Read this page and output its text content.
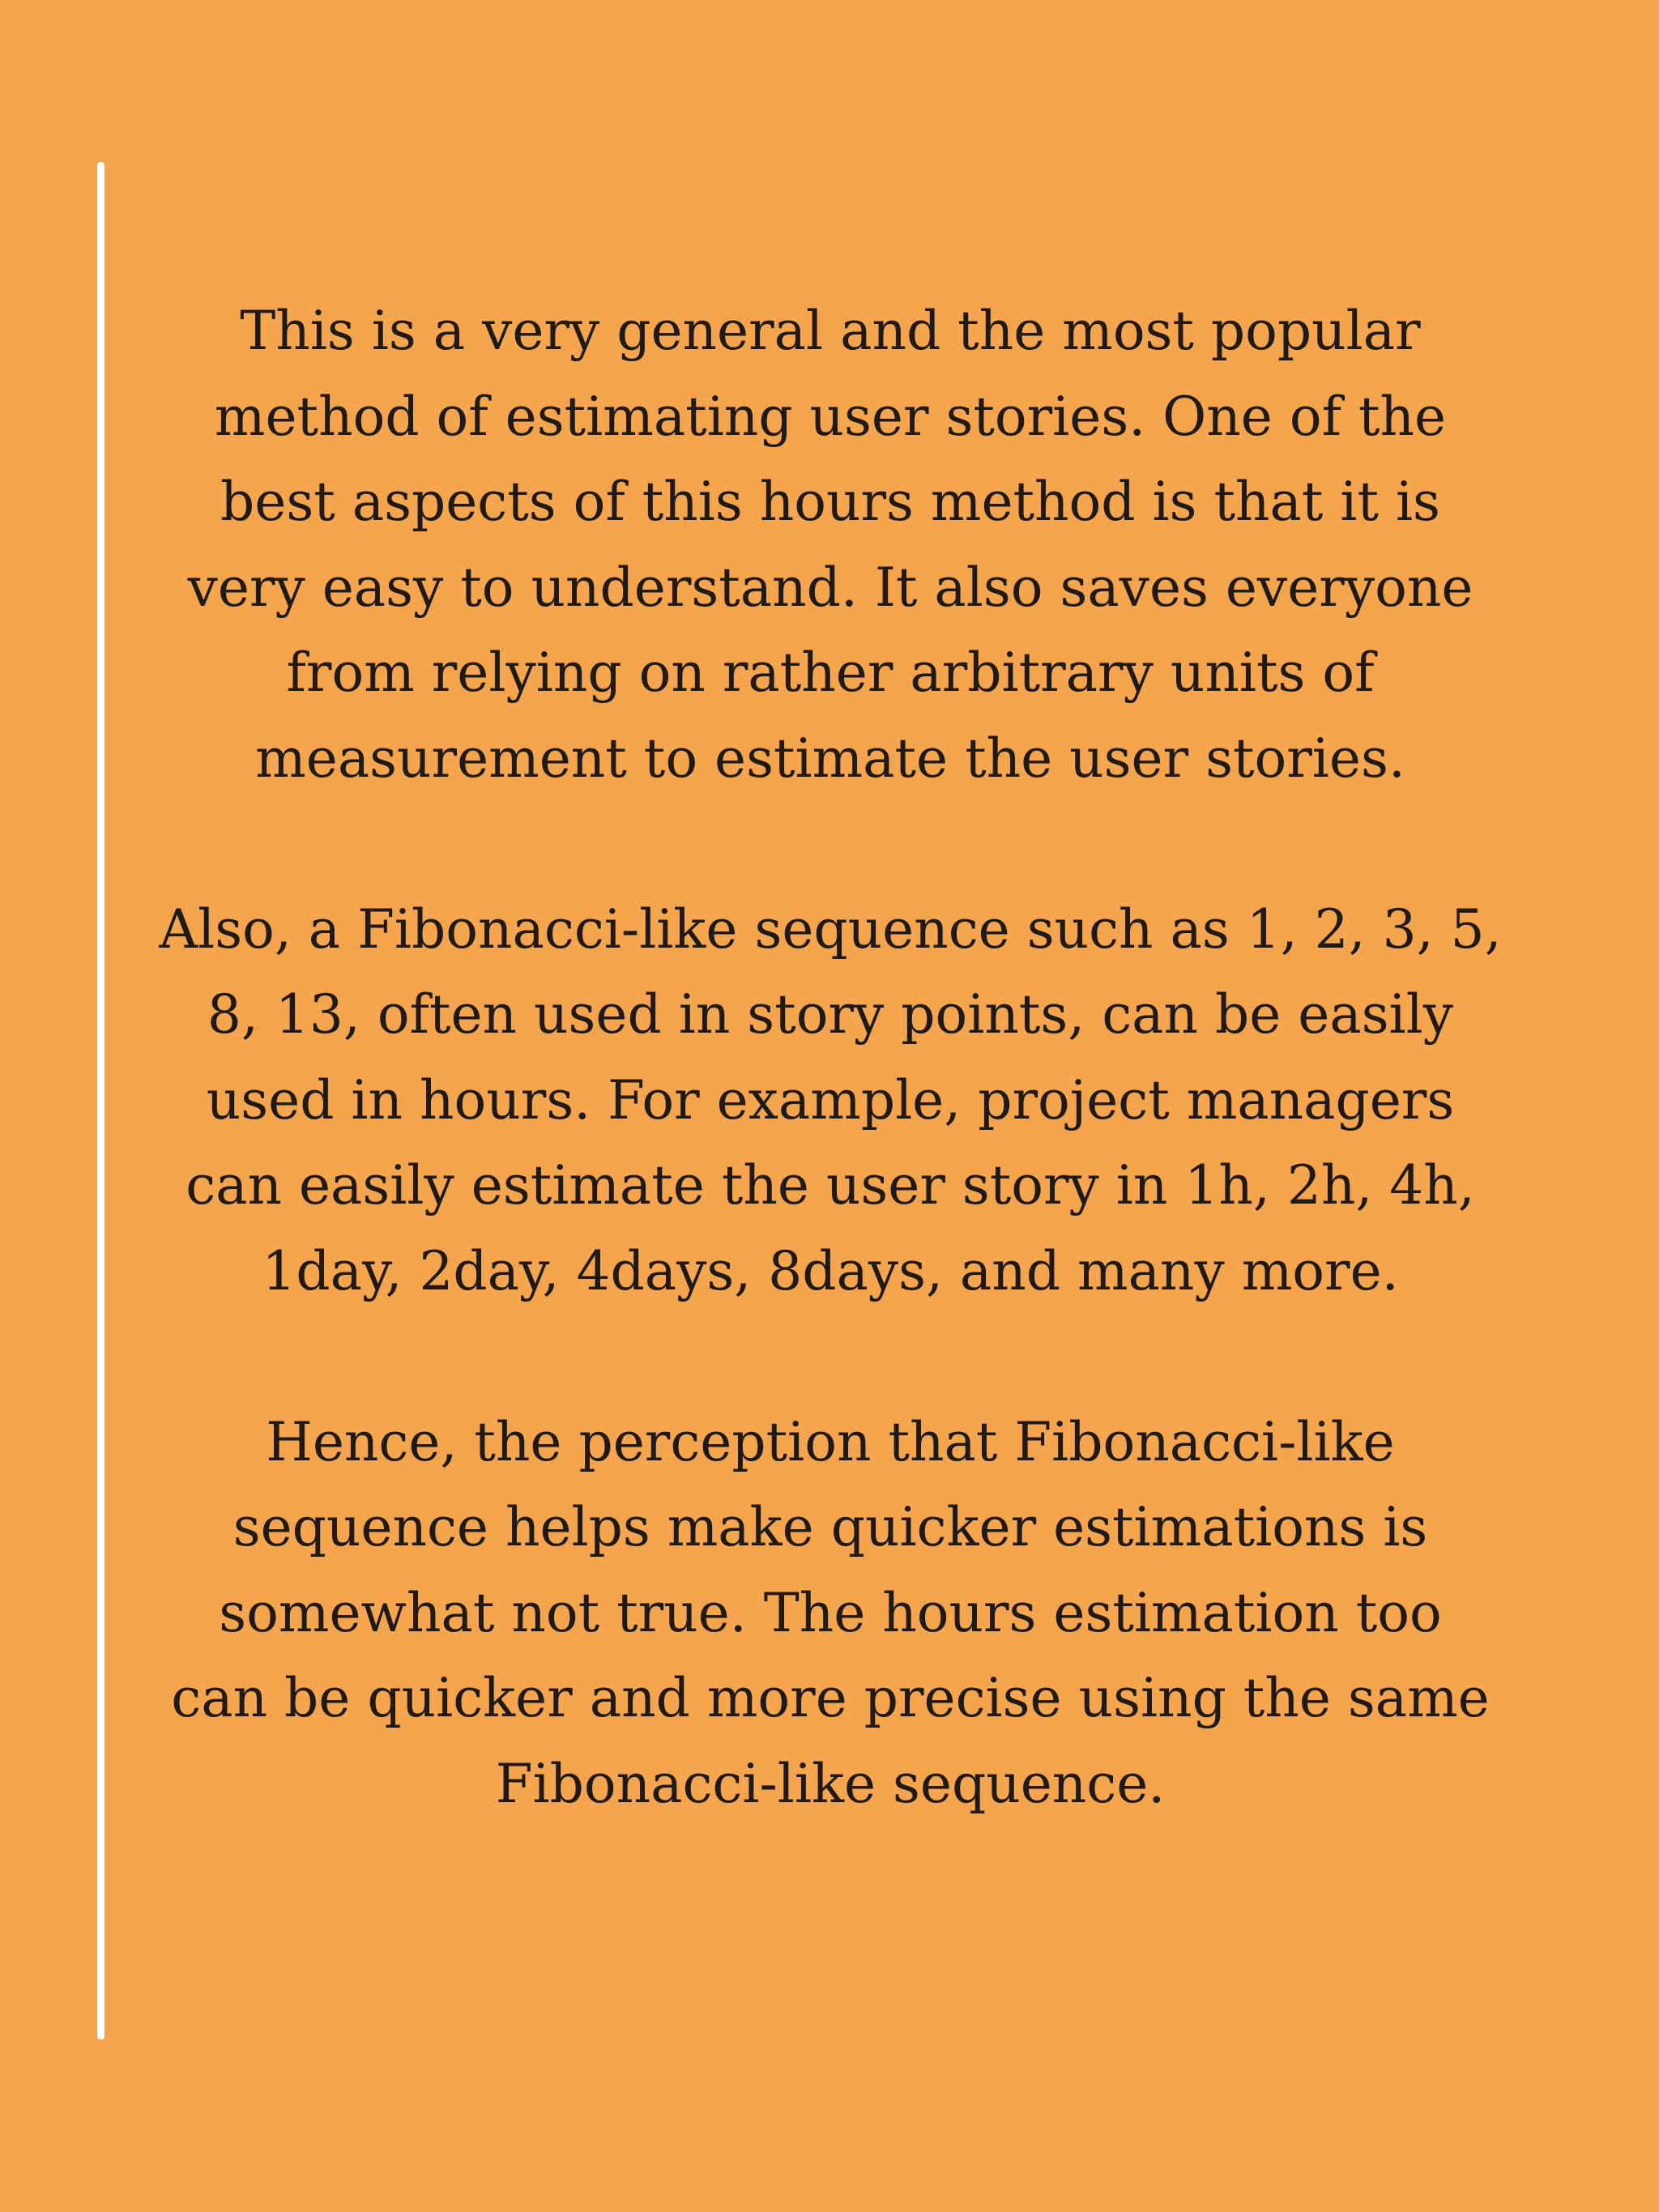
This is a very general and the most popular
method of estimating user stories. One of the
best aspects of this hours method is that it is
very easy to understand. It also saves everyone
from relying on rather arbitrary units of
measurement to estimate the user stories.

Also, a Fibonacci-like sequence such as 1, 2, 3, 5,
8, 13, often used in story points, can be easily
used in hours. For example, project managers
can easily estimate the user story in 1h, 2h, 4h,
1day, 2day, 4days, 8days, and many more.

Hence, the perception that Fibonacci-like
sequence helps make quicker estimations is
somewhat not true. The hours estimation too
can be quicker and more precise using the same
Fibonacci-like sequence.
